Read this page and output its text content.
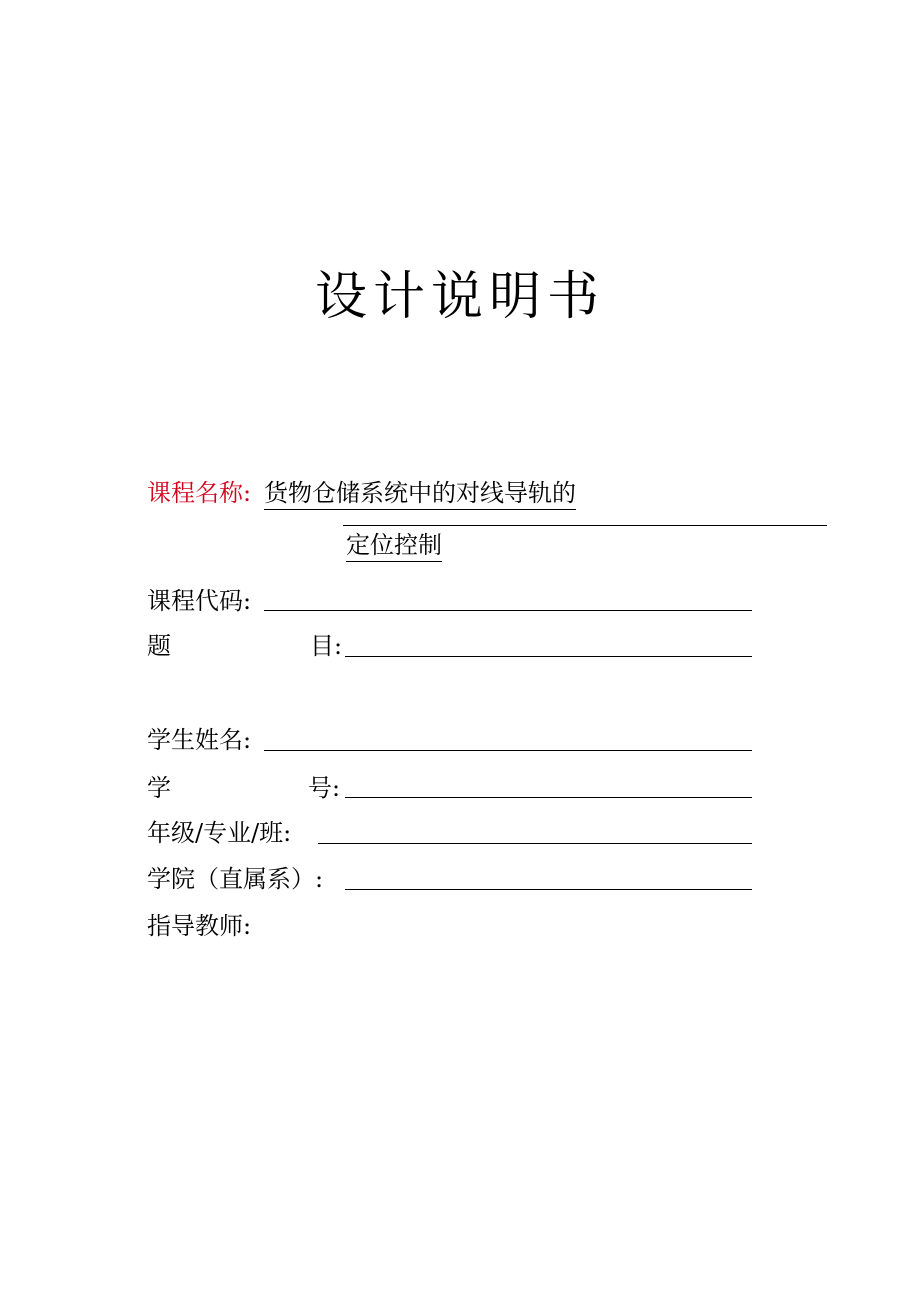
设计说明书
课程名称: 货物仓储系统中的对线导轨的
定位控制
课程代码:
题	目:
学生姓名:
学	号:
年级/专业/班:
学院（直属系）:
指导教师:
